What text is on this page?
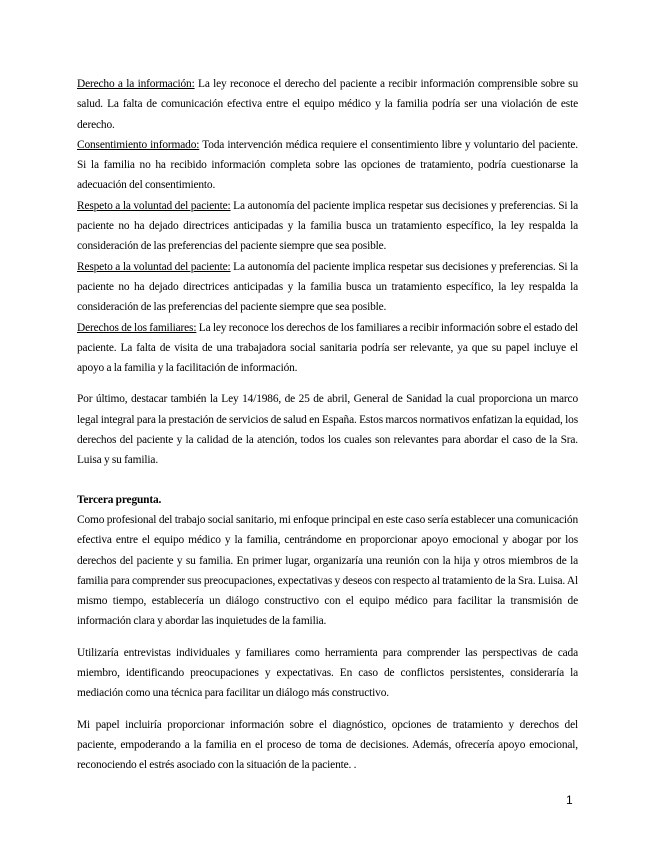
Derecho a la información: La ley reconoce el derecho del paciente a recibir información comprensible sobre su salud. La falta de comunicación efectiva entre el equipo médico y la familia podría ser una violación de este derecho.

Consentimiento informado: Toda intervención médica requiere el consentimiento libre y voluntario del paciente. Si la familia no ha recibido información completa sobre las opciones de tratamiento, podría cuestionarse la adecuación del consentimiento.

Respeto a la voluntad del paciente: La autonomía del paciente implica respetar sus decisiones y preferencias. Si la paciente no ha dejado directrices anticipadas y la familia busca un tratamiento específico, la ley respalda la consideración de las preferencias del paciente siempre que sea posible.

Respeto a la voluntad del paciente: La autonomía del paciente implica respetar sus decisiones y preferencias. Si la paciente no ha dejado directrices anticipadas y la familia busca un tratamiento específico, la ley respalda la consideración de las preferencias del paciente siempre que sea posible.

Derechos de los familiares: La ley reconoce los derechos de los familiares a recibir información sobre el estado del paciente. La falta de visita de una trabajadora social sanitaria podría ser relevante, ya que su papel incluye el apoyo a la familia y la facilitación de información.

Por último, destacar también la Ley 14/1986, de 25 de abril, General de Sanidad la cual proporciona un marco legal integral para la prestación de servicios de salud en España. Estos marcos normativos enfatizan la equidad, los derechos del paciente y la calidad de la atención, todos los cuales son relevantes para abordar el caso de la Sra. Luisa y su familia.

Tercera pregunta.

Como profesional del trabajo social sanitario, mi enfoque principal en este caso sería establecer una comunicación efectiva entre el equipo médico y la familia, centrándome en proporcionar apoyo emocional y abogar por los derechos del paciente y su familia. En primer lugar, organizaría una reunión con la hija y otros miembros de la familia para comprender sus preocupaciones, expectativas y deseos con respecto al tratamiento de la Sra. Luisa. Al mismo tiempo, establecería un diálogo constructivo con el equipo médico para facilitar la transmisión de información clara y abordar las inquietudes de la familia.

Utilizaría entrevistas individuales y familiares como herramienta para comprender las perspectivas de cada miembro, identificando preocupaciones y expectativas. En caso de conflictos persistentes, consideraría la mediación como una técnica para facilitar un diálogo más constructivo.

Mi papel incluiría proporcionar información sobre el diagnóstico, opciones de tratamiento y derechos del paciente, empoderando a la familia en el proceso de toma de decisiones. Además, ofrecería apoyo emocional, reconociendo el estrés asociado con la situación de la paciente. .

1
